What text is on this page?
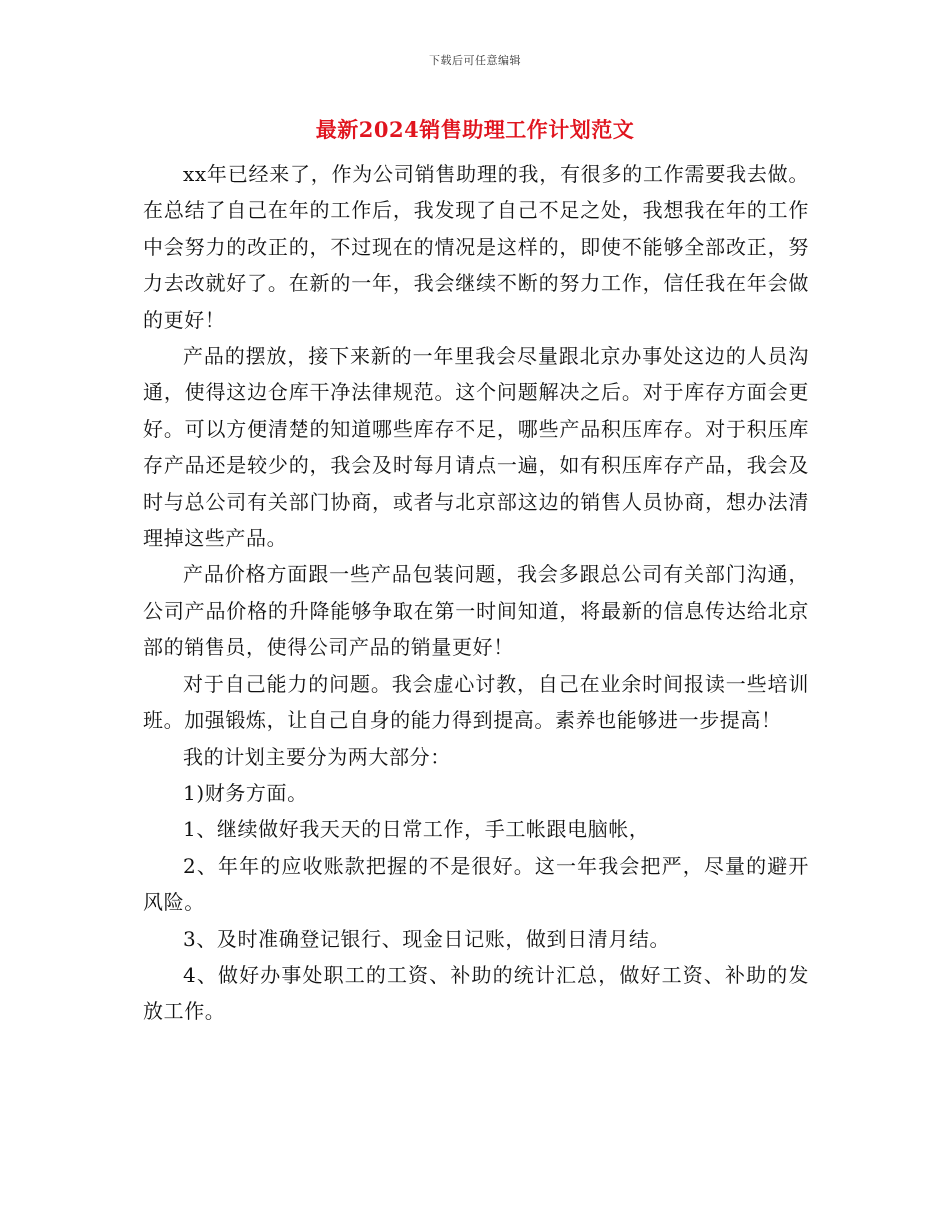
下载后可任意编辑
最新2024销售助理工作计划范文

xx年已经来了，作为公司销售助理的我，有很多的工作需要我去做。在总结了自己在年的工作后，我发现了自己不足之处，我想我在年的工作中会努力的改正的，不过现在的情况是这样的，即使不能够全部改正，努力去改就好了。在新的一年，我会继续不断的努力工作，信任我在年会做的更好！

产品的摆放，接下来新的一年里我会尽量跟北京办事处这边的人员沟通，使得这边仓库干净法律规范。这个问题解决之后。对于库存方面会更好。可以方便清楚的知道哪些库存不足，哪些产品积压库存。对于积压库存产品还是较少的，我会及时每月请点一遍，如有积压库存产品，我会及时与总公司有关部门协商，或者与北京部这边的销售人员协商，想办法清理掉这些产品。

产品价格方面跟一些产品包装问题，我会多跟总公司有关部门沟通，公司产品价格的升降能够争取在第一时间知道，将最新的信息传达给北京部的销售员，使得公司产品的销量更好！

对于自己能力的问题。我会虚心讨教，自己在业余时间报读一些培训班。加强锻炼，让自己自身的能力得到提高。素养也能够进一步提高！

我的计划主要分为两大部分：

1)财务方面。

1、继续做好我天天的日常工作，手工帐跟电脑帐，

2、年年的应收账款把握的不是很好。这一年我会把严，尽量的避开风险。

3、及时准确登记银行、现金日记账，做到日清月结。

4、做好办事处职工的工资、补助的统计汇总，做好工资、补助的发放工作。
